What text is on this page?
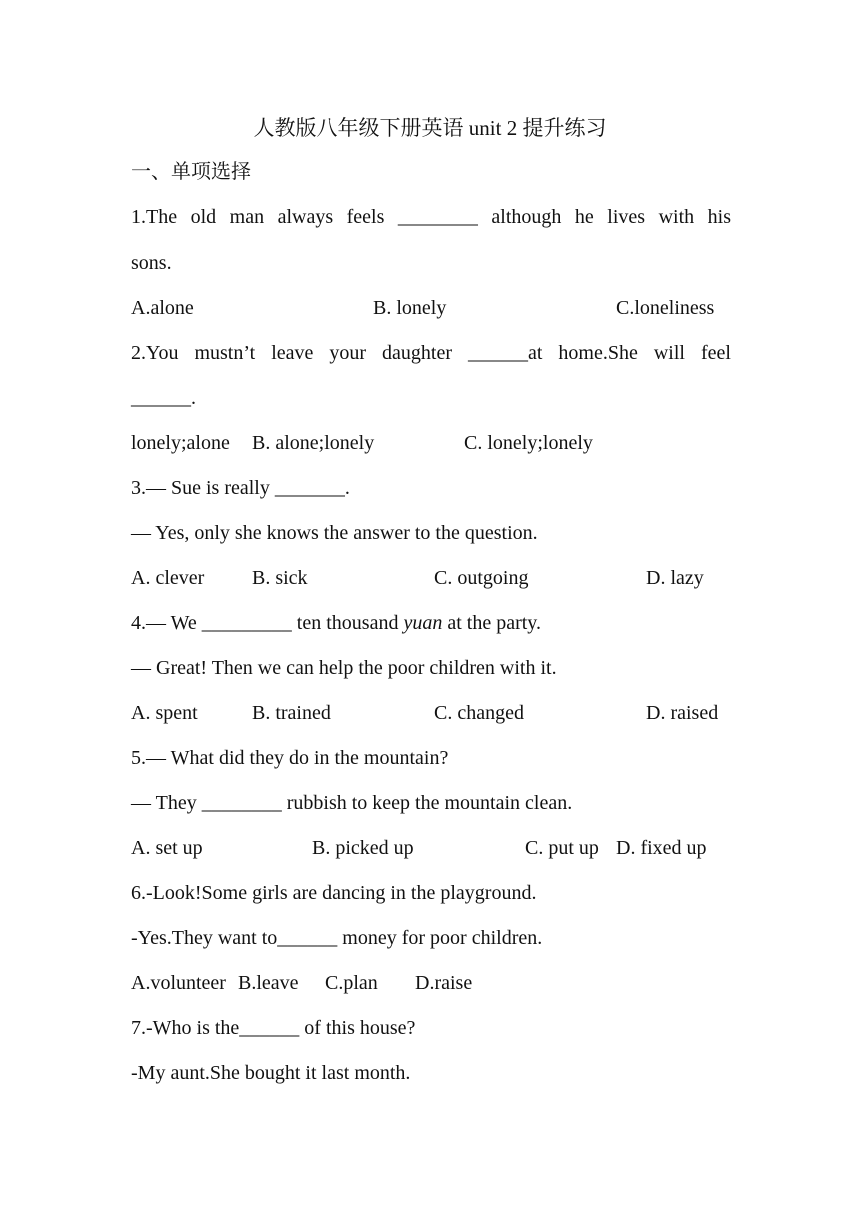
人教版八年级下册英语 unit 2 提升练习
一、单项选择
1.The old man always feels ________ although he lives with his
sons.
A.alone	B. lonely	C.loneliness
2.You mustn’t leave your daughter ______at home.She will feel
______.
lonely;alone B. alone;lonely	C. lonely;lonely
3.— Sue is really _______.
— Yes, only she knows the answer to the question.
A. clever B. sick	C. outgoing	D. lazy
4.— We _________ ten thousand yuan at the party.
— Great! Then we can help the poor children with it.
A. spent	B. trained	C. changed	D. raised
5.— What did they do in the mountain?
— They ________ rubbish to keep the mountain clean.
A. set up	B. picked up	C. put up D. fixed up
6.-Look!Some girls are dancing in the playground.
-Yes.They want to______ money for poor children.
A.volunteer B.leave C.plan D.raise
7.-Who is the______ of this house?
-My aunt.She bought it last month.
